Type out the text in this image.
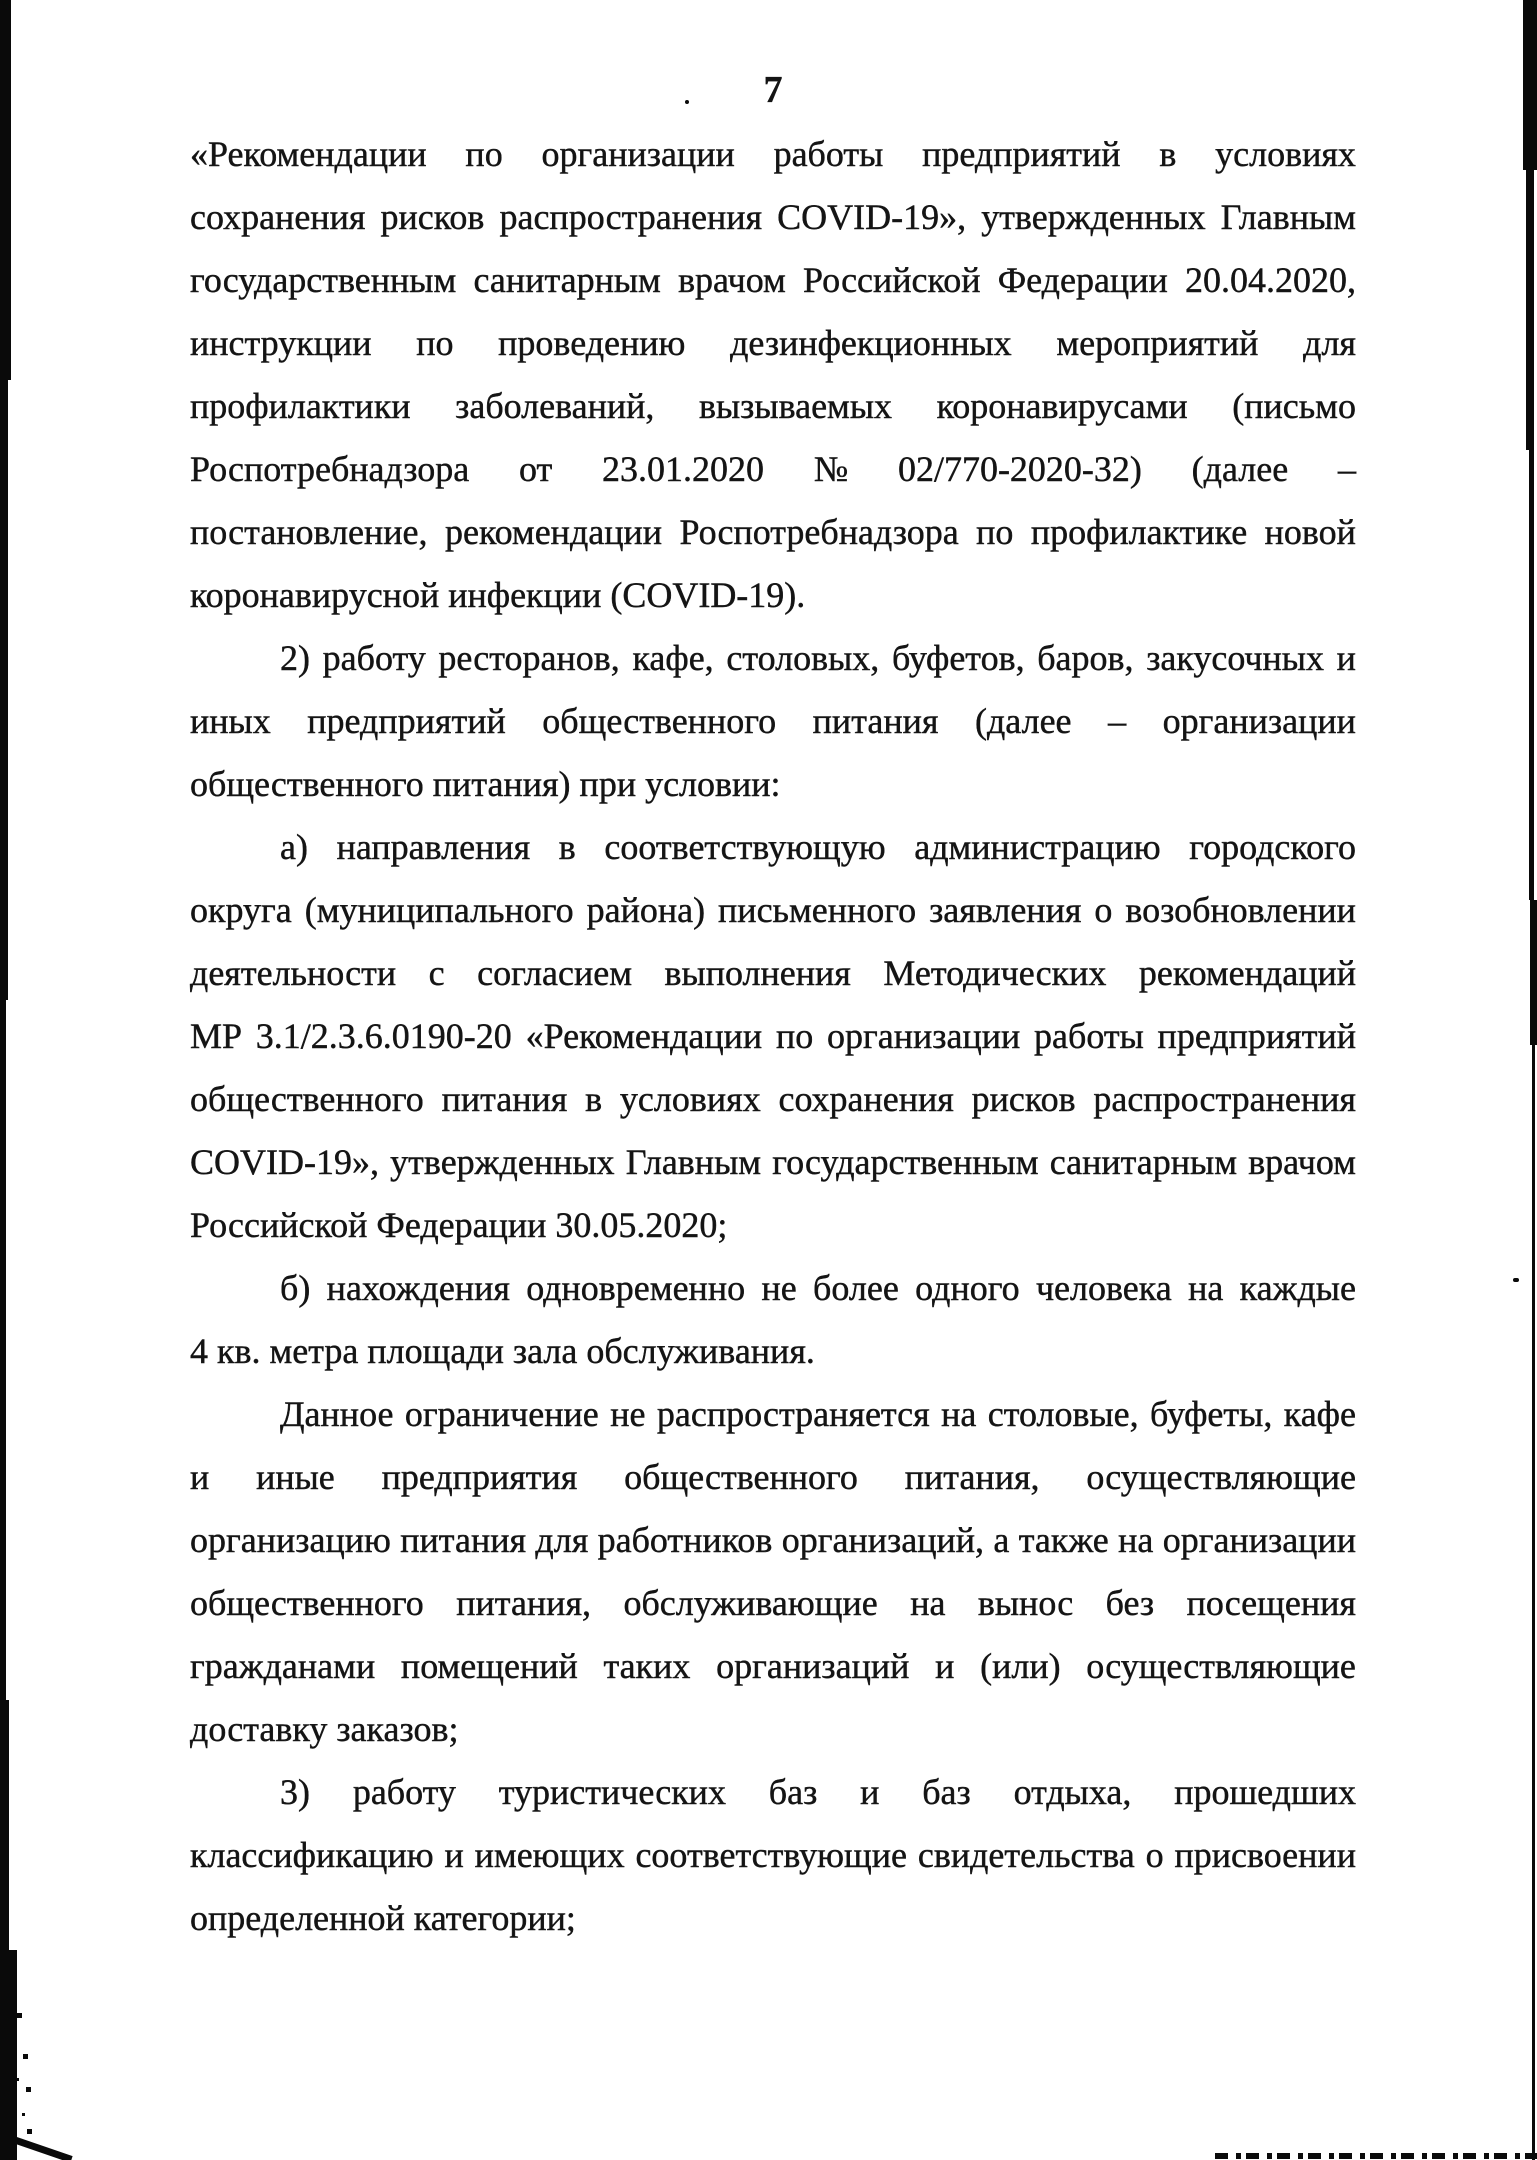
7
«Рекомендации по организации работы предприятий в условиях
сохранения рисков распространения COVID-19», утвержденных Главным
государственным санитарным врачом Российской Федерации 20.04.2020,
инструкции по проведению дезинфекционных мероприятий для
профилактики заболеваний, вызываемых коронавирусами (письмо
Роспотребнадзора от 23.01.2020 № 02/770-2020-32) (далее –
постановление, рекомендации Роспотребнадзора по профилактике новой
коронавирусной инфекции (COVID-19).
2) работу ресторанов, кафе, столовых, буфетов, баров, закусочных и
иных предприятий общественного питания (далее – организации
общественного питания) при условии:
а) направления в соответствующую администрацию городского
округа (муниципального района) письменного заявления о возобновлении
деятельности с согласием выполнения Методических рекомендаций
МР 3.1/2.3.6.0190-20 «Рекомендации по организации работы предприятий
общественного питания в условиях сохранения рисков распространения
COVID-19», утвержденных Главным государственным санитарным врачом
Российской Федерации 30.05.2020;
б) нахождения одновременно не более одного человека на каждые
4 кв. метра площади зала обслуживания.
Данное ограничение не распространяется на столовые, буфеты, кафе
и иные предприятия общественного питания, осуществляющие
организацию питания для работников организаций, а также на организации
общественного питания, обслуживающие на вынос без посещения
гражданами помещений таких организаций и (или) осуществляющие
доставку заказов;
3) работу туристических баз и баз отдыха, прошедших
классификацию и имеющих соответствующие свидетельства о присвоении
определенной категории;
